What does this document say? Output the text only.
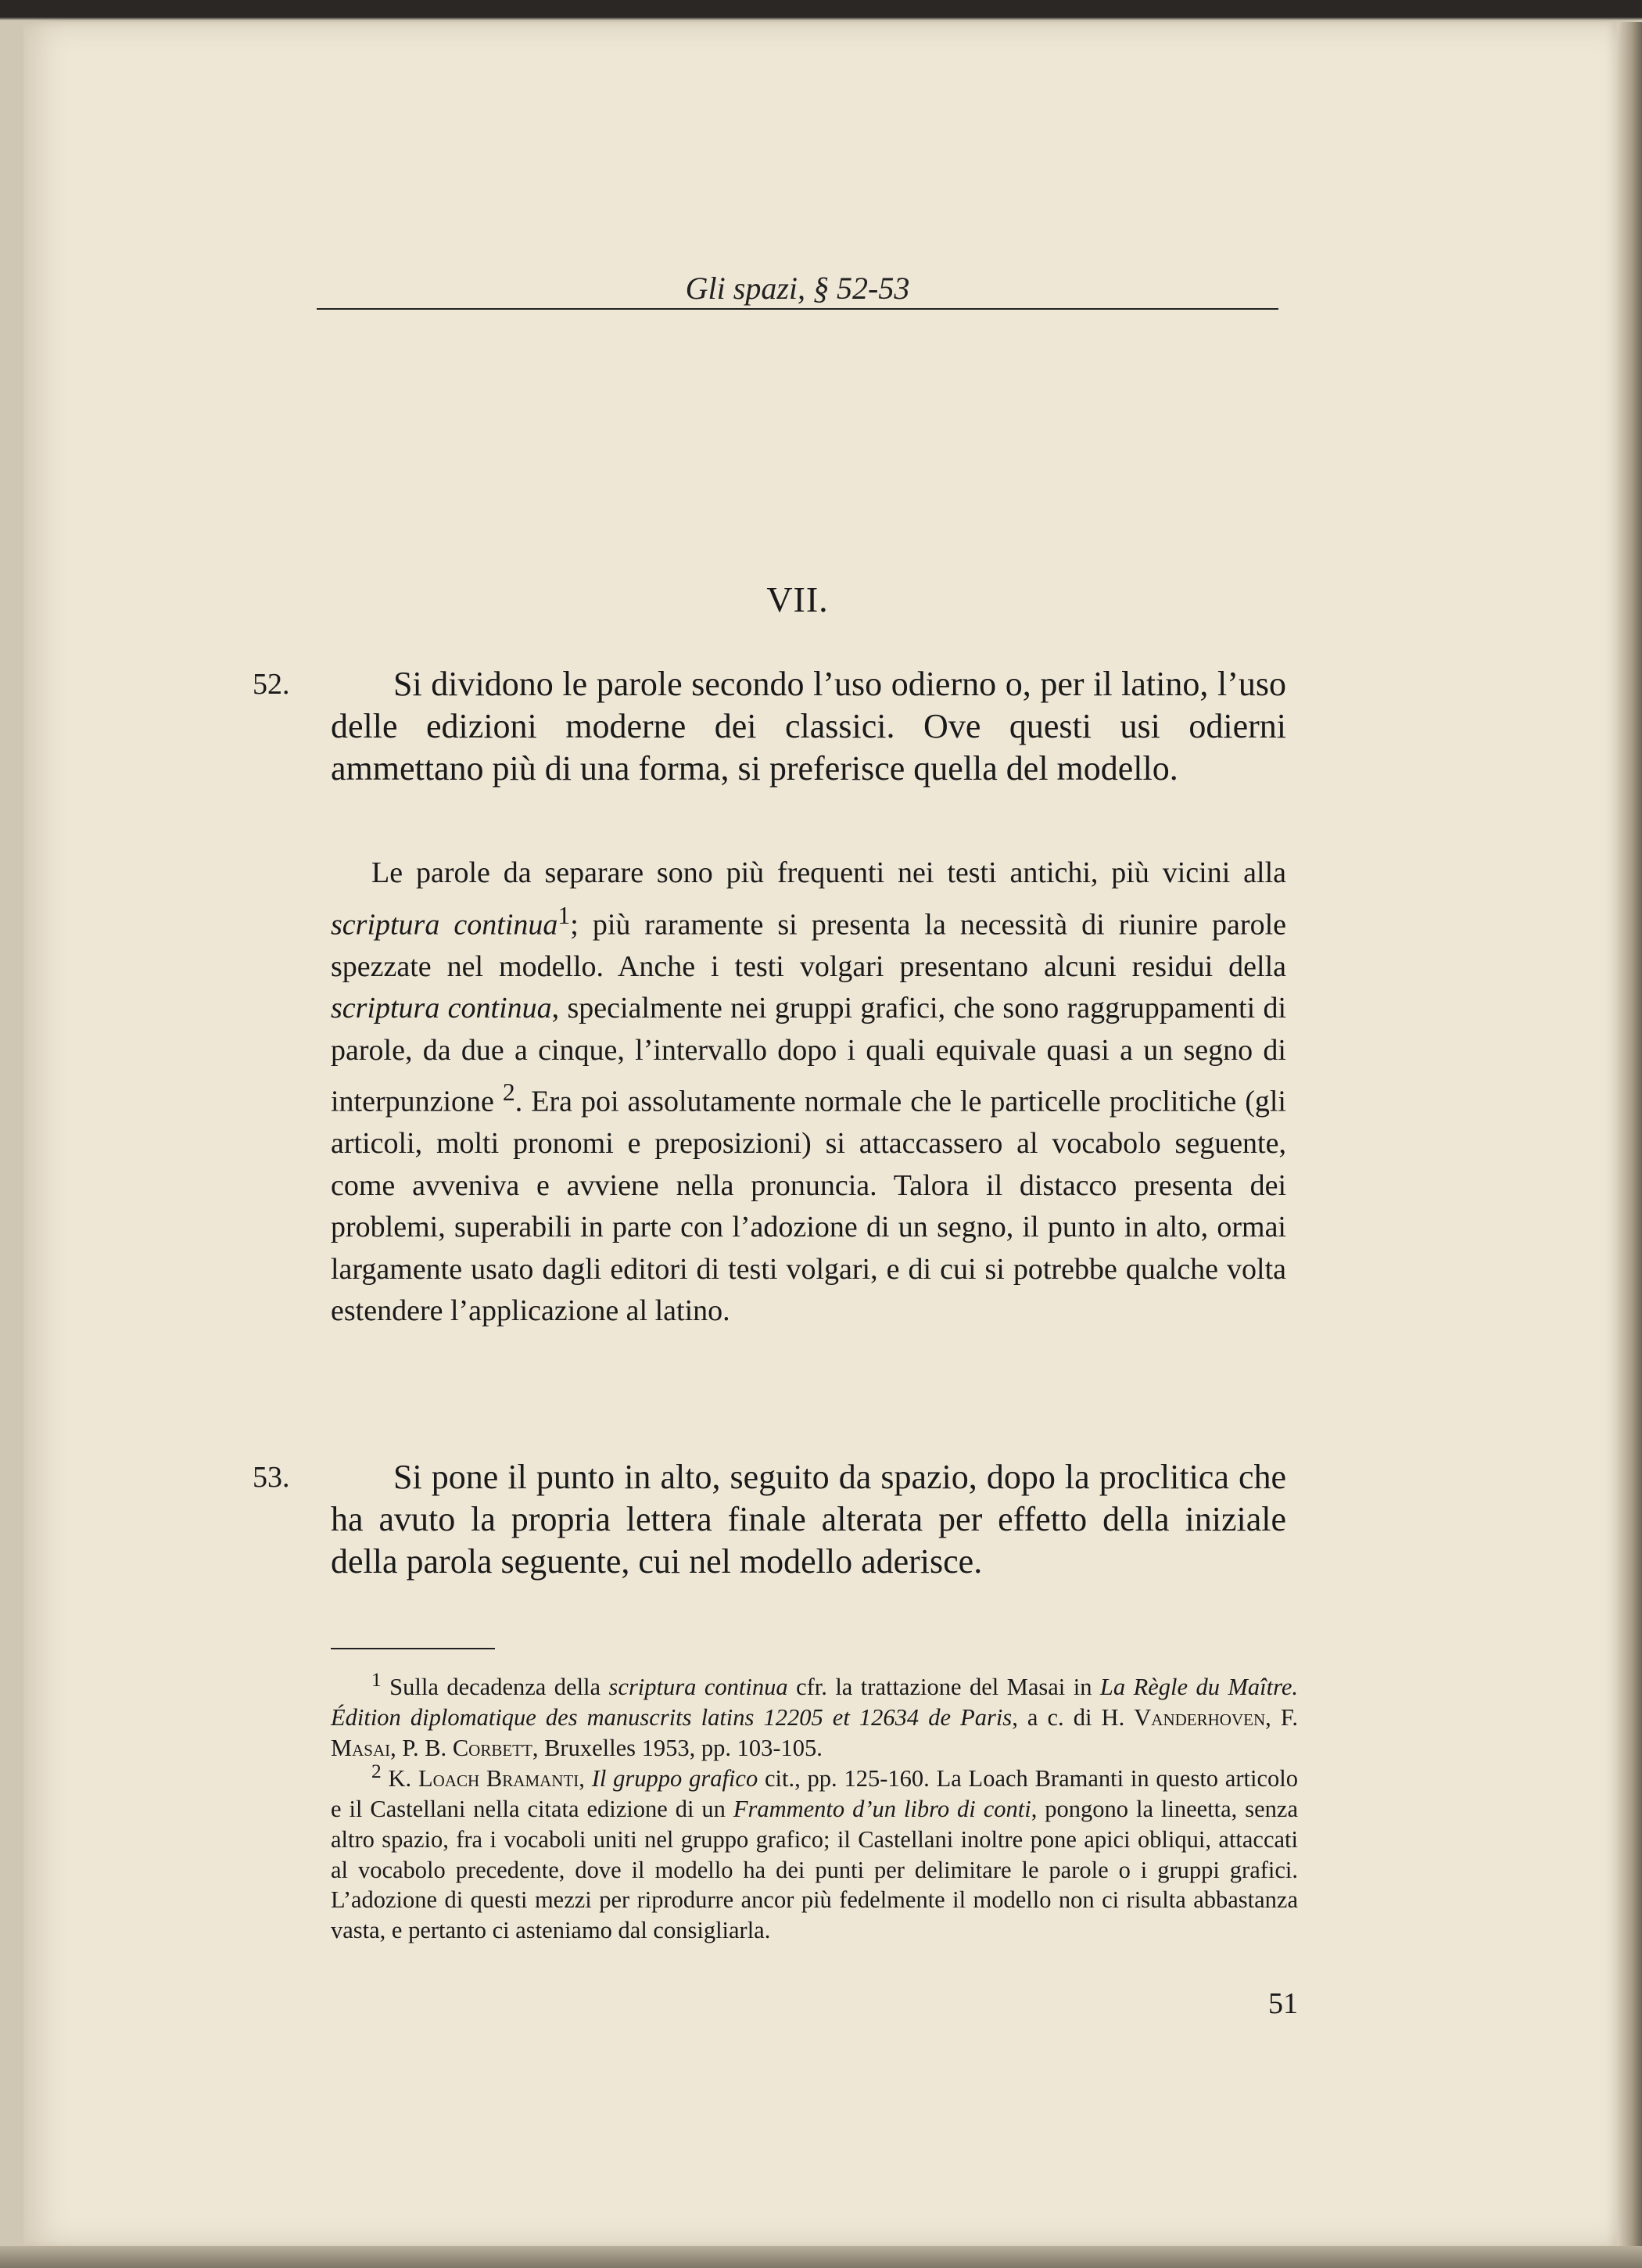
Gli spazi, § 52-53
VII.
52.	Si dividono le parole secondo l’uso odierno o, per il latino, l’uso delle edizioni moderne dei classici. Ove questi usi odierni ammettano più di una forma, si preferisce quella del modello.
Le parole da separare sono più frequenti nei testi antichi, più vicini alla scriptura continua$^1$; più raramente si presenta la necessità di riunire parole spezzate nel modello. Anche i testi volgari presentano alcuni residui della scriptura continua, specialmente nei gruppi grafici, che sono raggruppamenti di parole, da due a cinque, l’intervallo dopo i quali equivale quasi a un segno di interpunzione $^2$. Era poi assolutamente normale che le particelle proclitiche (gli articoli, molti pronomi e preposizioni) si attaccassero al vocabolo seguente, come avveniva e avviene nella pronuncia. Talora il distacco presenta dei problemi, superabili in parte con l’adozione di un segno, il punto in alto, ormai largamente usato dagli editori di testi volgari, e di cui si potrebbe qualche volta estendere l’applicazione al latino.
53.	Si pone il punto in alto, seguito da spazio, dopo la proclitica che ha avuto la propria lettera finale alterata per effetto della iniziale della parola seguente, cui nel modello aderisce.
$^1$ Sulla decadenza della scriptura continua cfr. la trattazione del Masai in La Règle du Maître. Édition diplomatique des manuscrits latins 12205 et 12634 de Paris, a c. di H. Vanderhoven, F. Masai, P. B. Corbett, Bruxelles 1953, pp. 103-105.
$^2$ K. Loach Bramanti, Il gruppo grafico cit., pp. 125-160. La Loach Bramanti in questo articolo e il Castellani nella citata edizione di un Frammento d’un libro di conti, pongono la lineetta, senza altro spazio, fra i vocaboli uniti nel gruppo grafico; il Castellani inoltre pone apici obliqui, attaccati al vocabolo precedente, dove il modello ha dei punti per delimitare le parole o i gruppi grafici. L’adozione di questi mezzi per riprodurre ancor più fedelmente il modello non ci risulta abbastanza vasta, e pertanto ci asteniamo dal consigliarla.
51
